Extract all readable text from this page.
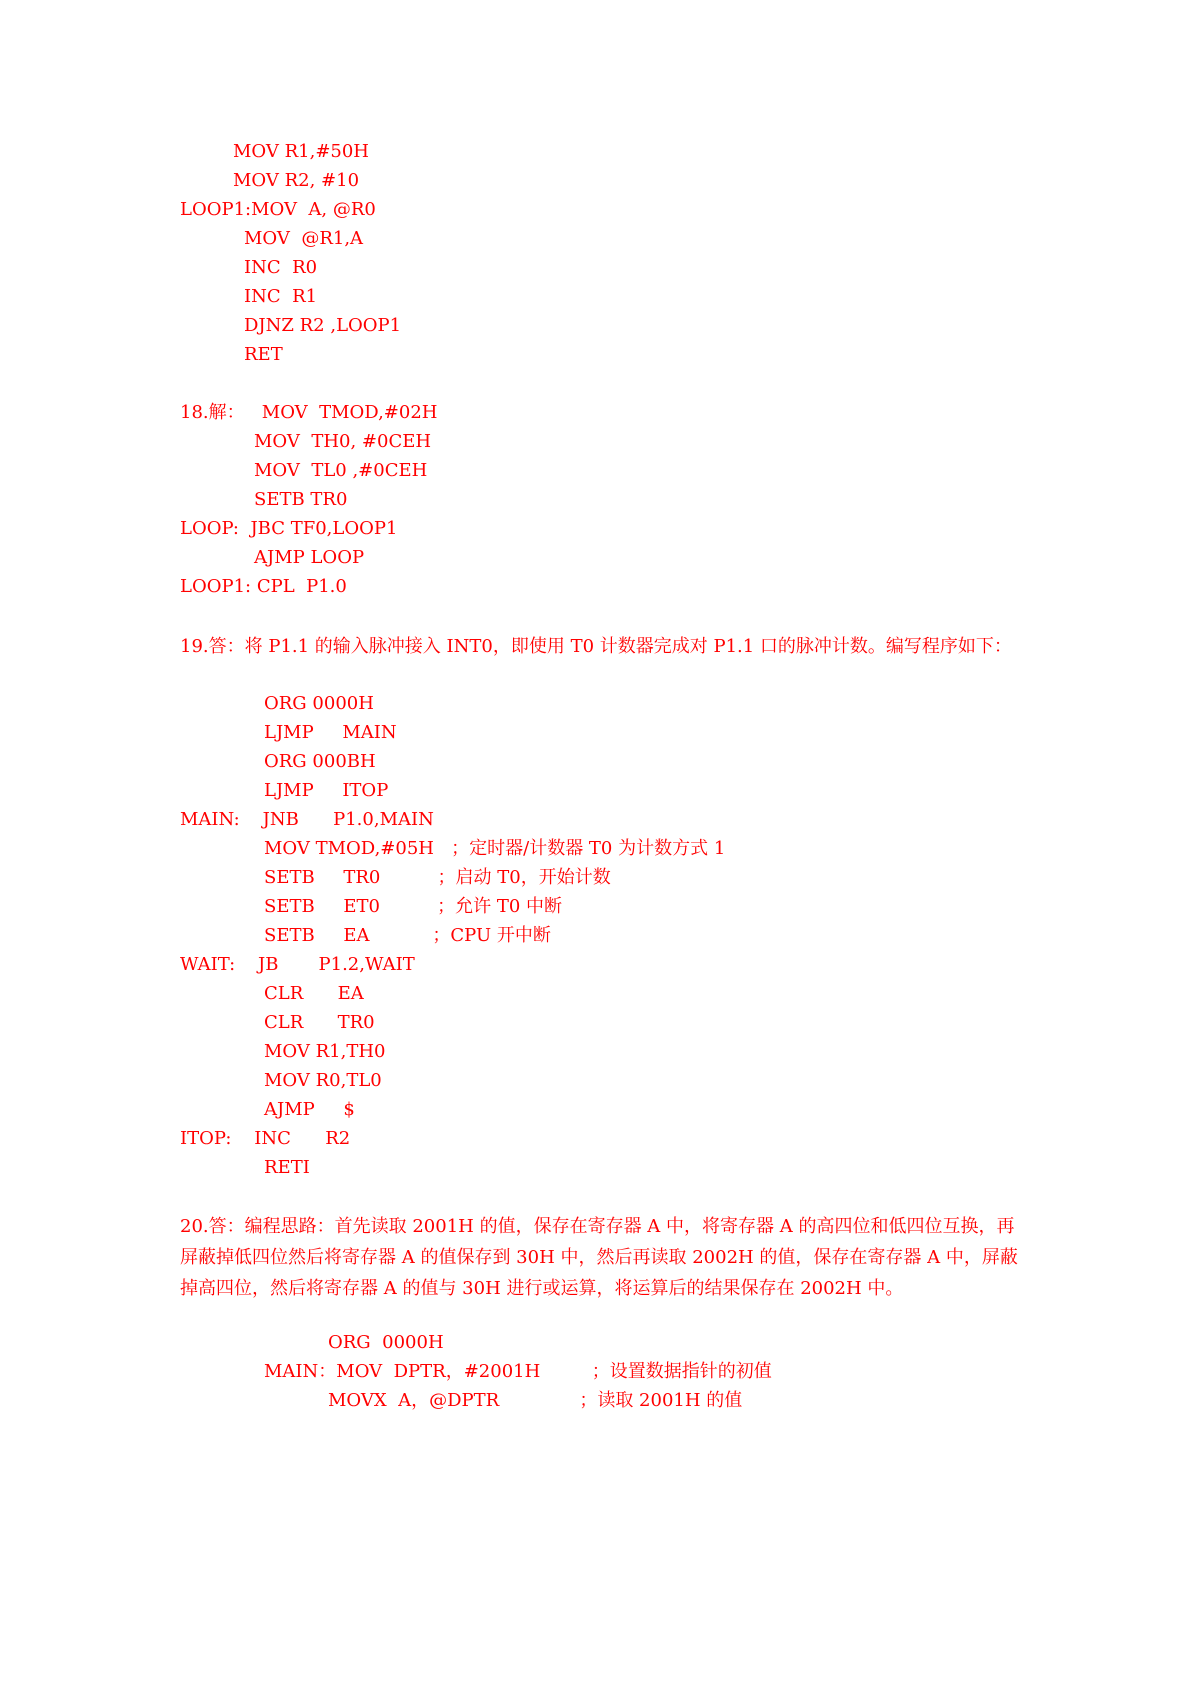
MOV R1,#50H
MOV R2, #10
LOOP1:MOV  A, @R0
MOV  @R1,A
INC  R0
INC  R1
DJNZ R2 ,LOOP1
RET
18.解：   MOV  TMOD,#02H
MOV  TH0, #0CEH
MOV  TL0 ,#0CEH
SETB TR0
LOOP:  JBC TF0,LOOP1
AJMP LOOP
LOOP1: CPL  P1.0
19.答：将 P1.1 的输入脉冲接入 INT0，即使用 T0 计数器完成对 P1.1 口的脉冲计数。编写程序如下：
ORG 0000H
LJMP     MAIN
ORG 000BH
LJMP     ITOP
MAIN:    JNB      P1.0,MAIN
MOV TMOD,#05H   ；定时器/计数器 T0 为计数方式 1
SETB     TR0          ；启动 T0，开始计数
SETB     ET0          ；允许 T0 中断
SETB     EA           ；CPU 开中断
WAIT:    JB       P1.2,WAIT
CLR      EA
CLR      TR0
MOV R1,TH0
MOV R0,TL0
AJMP     $
ITOP:    INC      R2
RETI
20.答：编程思路：首先读取 2001H 的值，保存在寄存器 A 中，将寄存器 A 的高四位和低四位互换，再屏蔽掉低四位然后将寄存器 A 的值保存到 30H 中，然后再读取 2002H 的值，保存在寄存器 A 中，屏蔽掉高四位，然后将寄存器 A 的值与 30H 进行或运算，将运算后的结果保存在 2002H 中。
ORG  0000H
MAIN：MOV  DPTR，#2001H         ；设置数据指针的初值
MOVX  A，@DPTR              ；读取 2001H 的值
